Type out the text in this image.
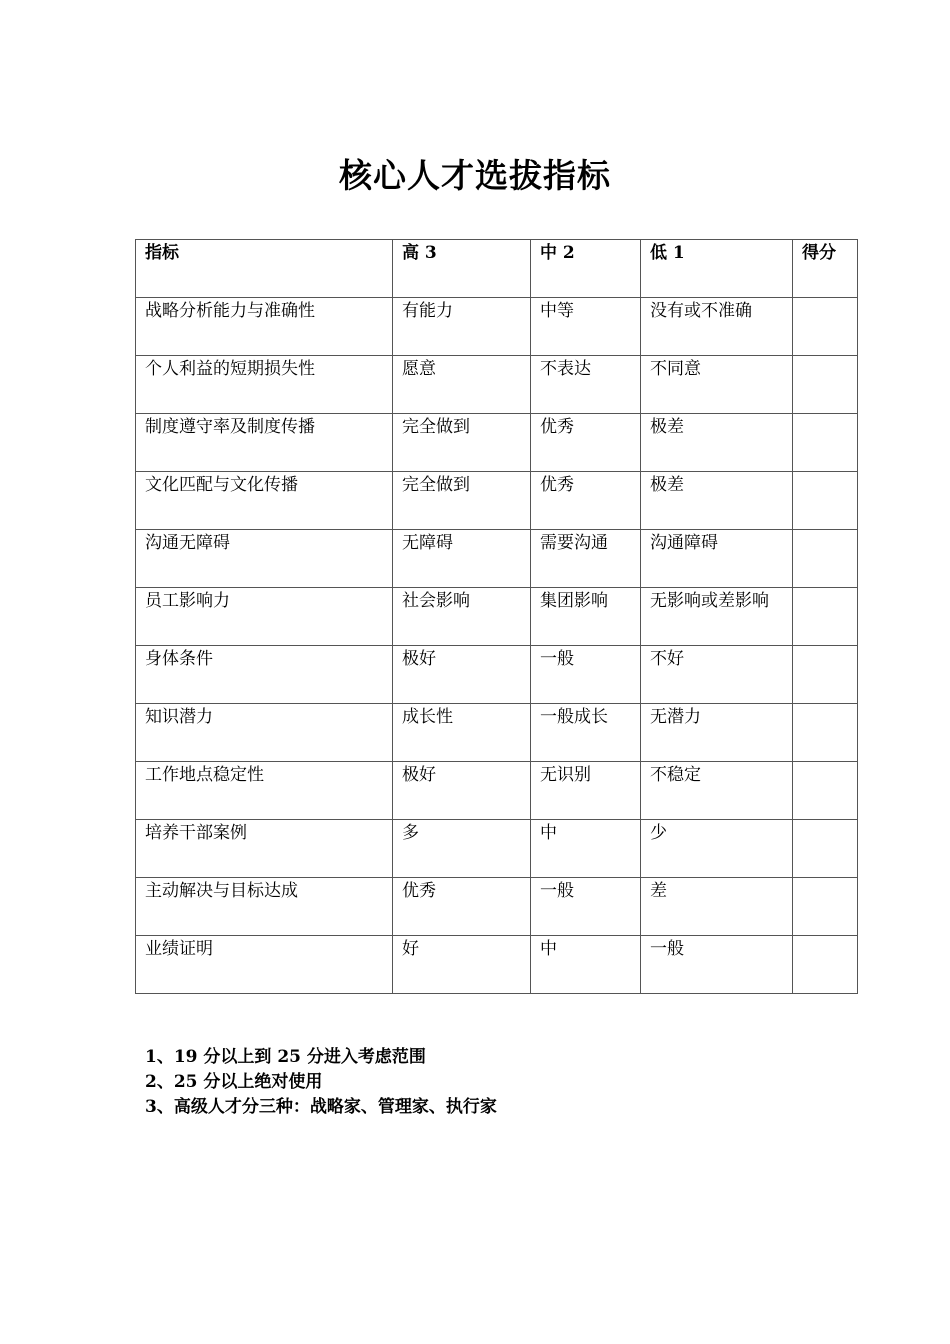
核心人才选拔指标
指标	高 3	中 2	低 1	得分
战略分析能力与准确性	有能力	中等	没有或不准确	
个人利益的短期损失性	愿意	不表达	不同意	
制度遵守率及制度传播	完全做到	优秀	极差	
文化匹配与文化传播	完全做到	优秀	极差	
沟通无障碍	无障碍	需要沟通	沟通障碍	
员工影响力	社会影响	集团影响	无影响或差影响	
身体条件	极好	一般	不好	
知识潜力	成长性	一般成长	无潜力	
工作地点稳定性	极好	无识别	不稳定	
培养干部案例	多	中	少	
主动解决与目标达成	优秀	一般	差	
业绩证明	好	中	一般	
1、19 分以上到 25 分进入考虑范围
2、25 分以上绝对使用
3、高级人才分三种：战略家、管理家、执行家
